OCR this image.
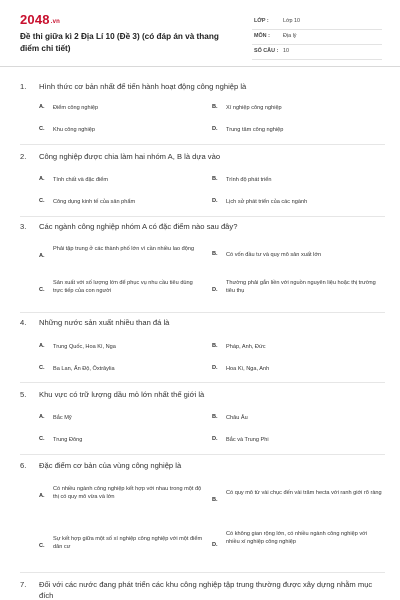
2048.vn
Đề thi giữa kì 2 Địa Lí 10 (Đề 3) (có đáp án và thang điểm chi tiết)
LỚP :	Lớp 10
MÔN : Địa lý
SỐ CÂU : 10
1. Hình thức cơ bản nhất để tiến hành hoạt động công nghiệp là
A. Điểm công nghiệp	B. Xí nghiệp công nghiệp
C. Khu công nghiệp	D. Trung tâm công nghiệp
2. Công nghiệp được chia làm hai nhóm A, B là dựa vào
A. Tính chất và đặc điểm	B. Trình độ phát triển
C. Công dụng kinh tế của sản phẩm	D. Lịch sử phát triển của các ngành
3. Các ngành công nghiệp nhóm A có đặc điểm nào sau đây?
A.
Phải tập trung ở các thành phố lớn vì cần nhiều lao động
B. Có vốn đầu tư và quy mô sản xuất lớn
C.
Sản xuất với số lượng lớn để phục vụ nhu cầu tiêu dùng trực tiếp của con người	D.
Thường phải gắn liền với nguồn nguyên liệu hoặc thị trường tiêu thụ
4. Những nước sản xuất nhiều than đá là
A. Trung Quốc, Hoa Kì, Nga	B. Pháp, Anh, Đức
C. Ba Lan, Ấn Độ, Ôxtrâylia	D. Hoa Kì, Nga, Anh
5. Khu vực có trữ lượng dầu mỏ lớn nhất thế giới là
A. Bắc Mỹ	B. Châu Âu
C. Trung Đông	D. Bắc và Trung Phi
6. Đặc điểm cơ bản của vùng công nghiệp là
A.
Có nhiều ngành công nghiệp kết hợp với nhau trong một độ thị có quy mô vừa và lớn	B.
Có quy mô từ vài chục đến vài trăm hecta với ranh giới rõ ràng
C.
Sự kết hợp giữa một số xí nghiệp công nghiệp với một điểm dân cư	D.
Có không gian rộng lớn, có nhiều ngành công nghiệp với nhiều xí nghiệp công nghiệp
7. Đối với các nước đang phát triển các khu công nghiệp tập trung thường được xây dựng nhằm mục đích
